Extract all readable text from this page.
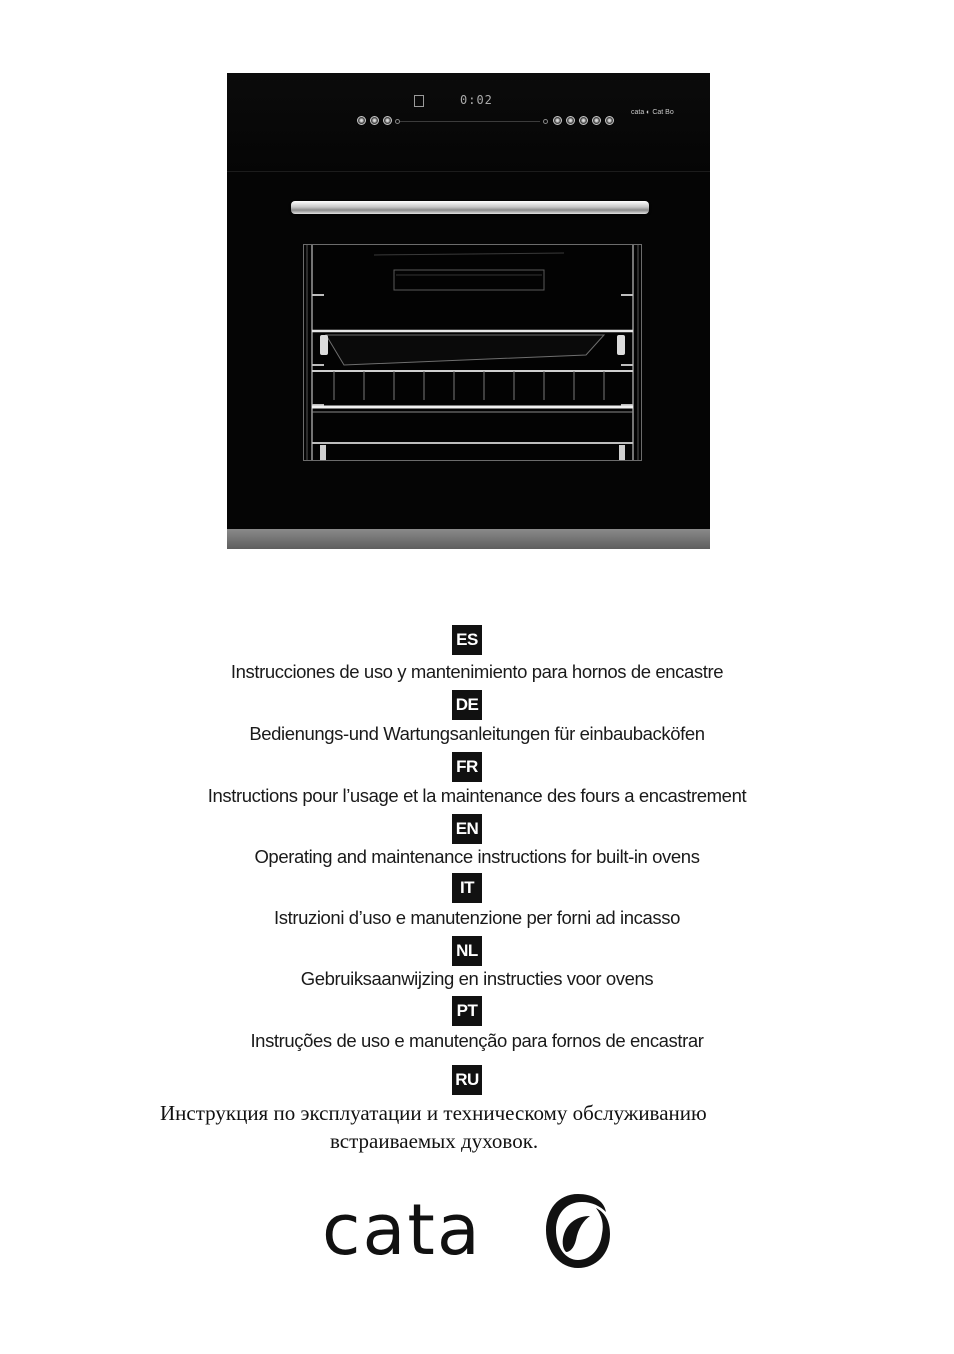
0:02
cata ◐ Cat Bo
ES
Instrucciones de uso y mantenimiento para hornos de encastre
DE
Bedienungs-und Wartungsanleitungen für einbaubacköfen
FR
Instructions pour l’usage et la maintenance des fours a encastrement
EN
Operating and maintenance instructions for built-in ovens
IT
Istruzioni d’uso e manutenzione per forni ad incasso
NL
Gebruiksaanwijzing en instructies voor ovens
PT
Instruções de uso e manutenção para fornos de encastrar
RU
Инструкция по эксплуатации и техническому обслуживанию
встраиваемых духовок.
cata
